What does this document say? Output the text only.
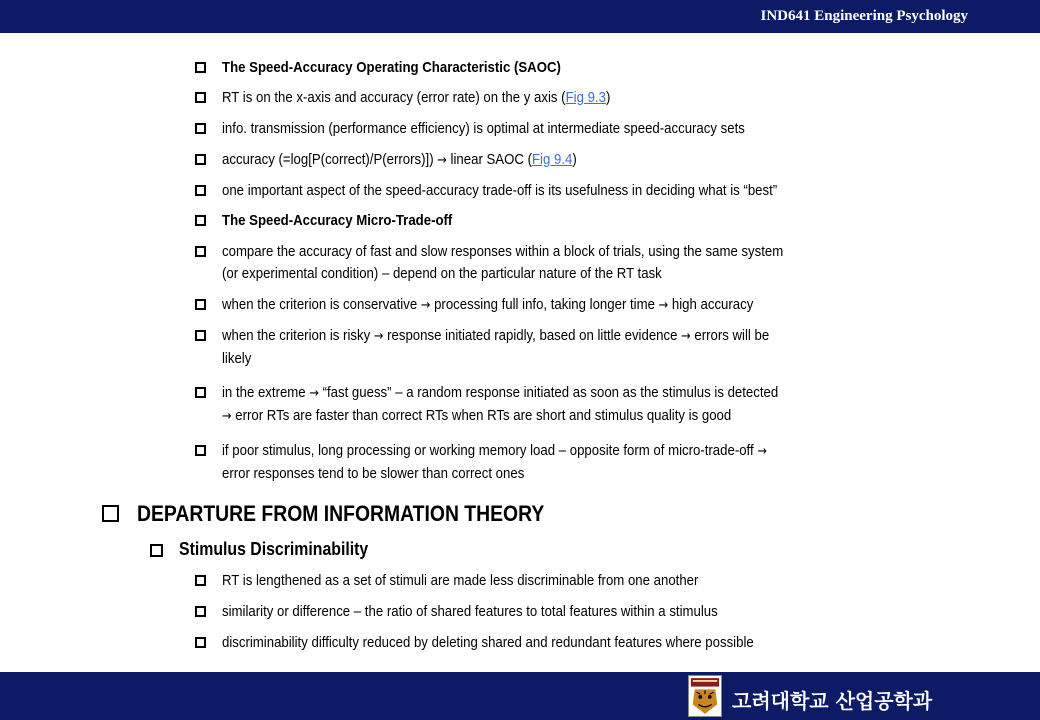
IND641 Engineering Psychology
The Speed-Accuracy Operating Characteristic (SAOC)
RT is on the x-axis and accuracy (error rate) on the y axis (Fig 9.3)
info. transmission (performance efficiency) is optimal at intermediate speed-accuracy sets
accuracy (=log[P(correct)/P(errors)]) → linear SAOC (Fig 9.4)
one important aspect of the speed-accuracy trade-off is its usefulness in deciding what is “best”
The Speed-Accuracy Micro-Trade-off
compare the accuracy of fast and slow responses within a block of trials, using the same system
(or experimental condition) – depend on the particular nature of the RT task
when the criterion is conservative → processing full info, taking longer time → high accuracy
when the criterion is risky → response initiated rapidly, based on little evidence → errors will be
likely
in the extreme → “fast guess” – a random response initiated as soon as the stimulus is detected
→ error RTs are faster than correct RTs when RTs are short and stimulus quality is good
if poor stimulus, long processing or working memory load – opposite form of micro-trade-off →
error responses tend to be slower than correct ones
DEPARTURE FROM INFORMATION THEORY
Stimulus Discriminability
RT is lengthened as a set of stimuli are made less discriminable from one another
similarity or difference – the ratio of shared features to total features within a stimulus
discriminability difficulty reduced by deleting shared and redundant features where possible
고려대학교 산업공학과
